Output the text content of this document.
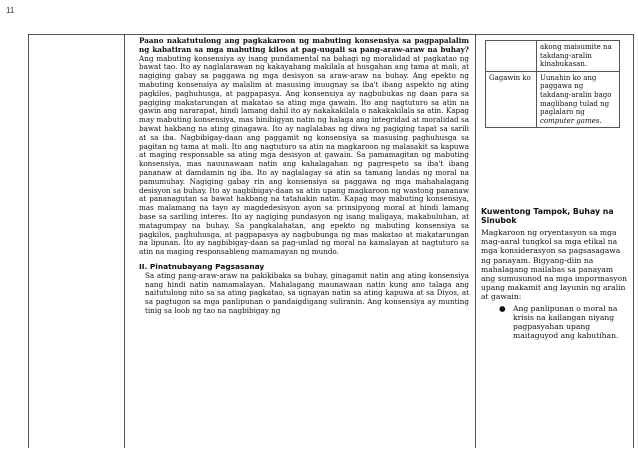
11

Paano nakatutulong ang pagkakaroon ng mabuting konsensiya sa pagpapalalim ng kabatiran sa mga mabuting kilos at pag-uugali sa pang-araw-araw na buhay? Ang mabuting konsensiya ay isang pundamental na bahagi ng moralidad at pagkatao ng bawat tao. Ito ay naglalarawan ng kakayahang makilala at husgahan ang tama at mali, at nagiging gabay sa paggawa ng mga desisyon sa araw-araw na buhay. Ang epekto ng mabuting konsensiya ay malalim at masusing inuugnay sa iba't ibang aspekto ng ating pagkilos, paghuhusga, at pagpapasya. Ang konsensiya ay nagbubukas ng daan para sa pagiging makatarungan at makatao sa ating mga gawain. Ito ang nagtuturo sa atin na gawin ang nararapat, hindi lamang dahil ito ay nakakakilala o nakakakilala sa atin. Kapag may mabuting konsensiya, mas binibigyan natin ng halaga ang integridad at moralidad sa bawat hakbang na ating ginagawa. Ito ay naglalabas ng diwa ng pagiging tapat sa sarili at sa iba. Nagbibigay-daan ang paggamit ng konsensiya sa masusing paghuhusga sa pagitan ng tama at mali. Ito ang nagtuturo sa atin na magkaroon ng malasakit sa kapuwa at maging responsable sa ating mga desisyon at gawain. Sa pamamagitan ng mabuting konsensiya, mas nauunawaan natin ang kahalagahan ng pagrespeto sa iba't ibang pananaw at damdamin ng iba. Ito ay naglalagay sa atin sa tamang landas ng moral na pamumuhay. Nagiging gabay rin ang konsensiya sa paggawa ng mga mahahalagang desisyon sa buhay. Ito ay nagbibigay-daan sa atin upang magkaroon ng wastong pananaw at pananagutan sa bawat hakbang na tatahakin natin. Kapag may mabuting konsensiya, mas malamang na tayo ay magdedesisyon ayon sa prinsipyong moral at hindi lamang base sa sariling interes. Ito ay nagiging pundasyon ng isang maligaya, makabuluhan, at matagumpay na buhay. Sa pangkalahatan, ang epekto ng mabuting konsensiya sa pagkilos, paghuhusga, at pagpapasya ay nagbubunga ng mas makatao at makatarungan na lipunan. Ito ay nagbibigay-daan sa pag-unlad ng moral na kamalayan at nagtuturo sa atin na maging responsableng mamamayan ng mundo.

II. Pinatnubayang Pagsasanay

Sa ating pang-araw-araw na pakikibaka sa buhay, ginagamit natin ang ating konsensiya nang hindi natin namamalayan. Mahalagang maunawaan natin kung ano talaga ang naitutulong nito sa sa ating pagkatao, sa ugnayan natin sa ating kapuwa at sa Diyos, at sa pagtugon sa mga panlipunan o pandaigdigang suliranin. Ang konsensiya ay munting tinig sa loob ng tao na nagbibigay ng

	akong maisumite na takdang-aralin kinabukasan.
Gagawin ko	Uunahin ko ang paggawa ng takdang-aralin bago maglibang tulad ng paglalaro ng computer games.
Kuwentong Tampok, Buhay na Sinubok
Magkaroon ng oryentasyon sa mga mag-aaral tungkol sa mga etikal na mga konsiderasyon sa pagsasagawa ng panayam. Bigyang-diin na mahalagang mailabas sa panayam ang sumusunod na mga impormasyon upang makamit ang layunin ng aralin at gawain:
● Ang panlipunan o moral na krisis na kailangan niyang pagpasyahan upang maitaguyod ang kabutihan.
